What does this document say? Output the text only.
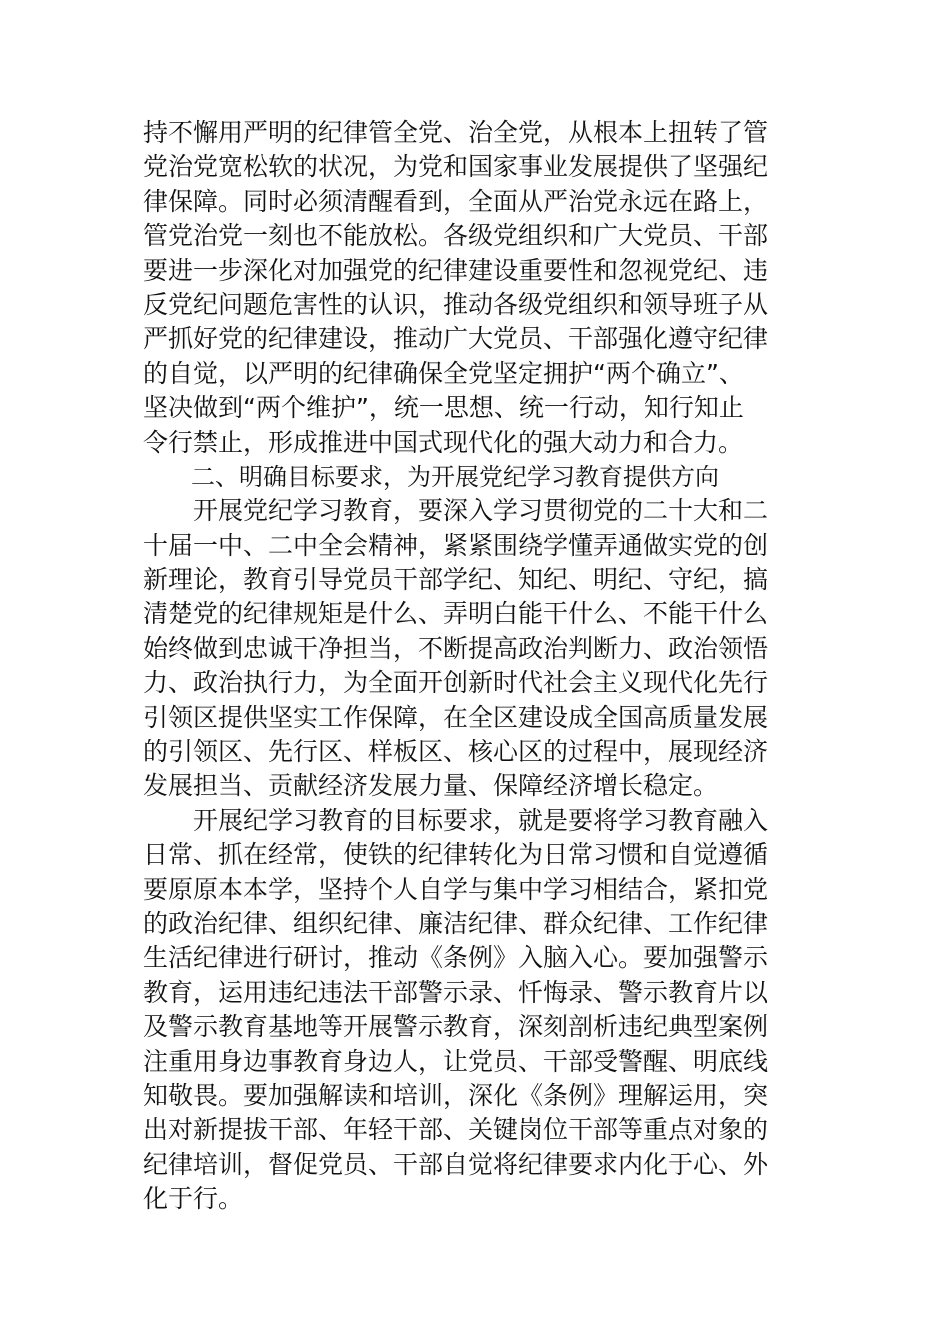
持不懈用严明的纪律管全党、治全党，从根本上扭转了管
党治党宽松软的状况，为党和国家事业发展提供了坚强纪
律保障。同时必须清醒看到，全面从严治党永远在路上，
管党治党一刻也不能放松。各级党组织和广大党员、干部
要进一步深化对加强党的纪律建设重要性和忽视党纪、违
反党纪问题危害性的认识，推动各级党组织和领导班子从
严抓好党的纪律建设，推动广大党员、干部强化遵守纪律
的自觉，以严明的纪律确保全党坚定拥护“两个确立”、
坚决做到“两个维护”，统一思想、统一行动，知行知止
令行禁止，形成推进中国式现代化的强大动力和合力。
　　二、明确目标要求，为开展党纪学习教育提供方向
　　开展党纪学习教育，要深入学习贯彻党的二十大和二
十届一中、二中全会精神，紧紧围绕学懂弄通做实党的创
新理论，教育引导党员干部学纪、知纪、明纪、守纪，搞
清楚党的纪律规矩是什么、弄明白能干什么、不能干什么
始终做到忠诚干净担当，不断提高政治判断力、政治领悟
力、政治执行力，为全面开创新时代社会主义现代化先行
引领区提供坚实工作保障，在全区建设成全国高质量发展
的引领区、先行区、样板区、核心区的过程中，展现经济
发展担当、贡献经济发展力量、保障经济增长稳定。
　　开展纪学习教育的目标要求，就是要将学习教育融入
日常、抓在经常，使铁的纪律转化为日常习惯和自觉遵循
要原原本本学，坚持个人自学与集中学习相结合，紧扣党
的政治纪律、组织纪律、廉洁纪律、群众纪律、工作纪律
生活纪律进行研讨，推动《条例》入脑入心。要加强警示
教育，运用违纪违法干部警示录、忏悔录、警示教育片以
及警示教育基地等开展警示教育，深刻剖析违纪典型案例
注重用身边事教育身边人，让党员、干部受警醒、明底线
知敬畏。要加强解读和培训，深化《条例》理解运用，突
出对新提拔干部、年轻干部、关键岗位干部等重点对象的
纪律培训，督促党员、干部自觉将纪律要求内化于心、外
化于行。
